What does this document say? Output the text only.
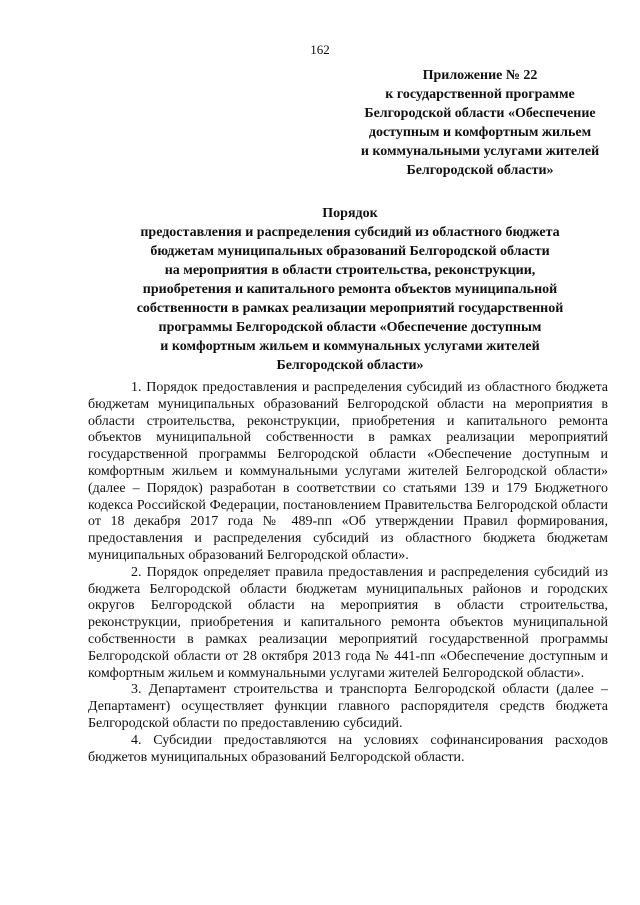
162
Приложение № 22
к государственной программе
Белгородской области «Обеспечение
доступным и комфортным жильем
и коммунальными услугами жителей
Белгородской области»
Порядок
предоставления и распределения субсидий из областного бюджета
бюджетам муниципальных образований Белгородской области
на мероприятия в области строительства, реконструкции,
приобретения и капитального ремонта объектов муниципальной
собственности в рамках реализации мероприятий государственной
программы Белгородской области «Обеспечение доступным
и комфортным жильем и коммунальных услугами жителей
Белгородской области»

1. Порядок предоставления и распределения субсидий из областного бюджета бюджетам муниципальных образований Белгородской области на мероприятия в области строительства, реконструкции, приобретения и капитального ремонта объектов муниципальной собственности в рамках реализации мероприятий государственной программы Белгородской области «Обеспечение доступным и комфортным жильем и коммунальными услугами жителей Белгородской области» (далее – Порядок) разработан в соответствии со статьями 139 и 179 Бюджетного кодекса Российской Федерации, постановлением Правительства Белгородской области от 18 декабря 2017 года № 489-пп «Об утверждении Правил формирования, предоставления и распределения субсидий из областного бюджета бюджетам муниципальных образований Белгородской области».

2. Порядок определяет правила предоставления и распределения субсидий из бюджета Белгородской области бюджетам муниципальных районов и городских округов Белгородской области на мероприятия в области строительства, реконструкции, приобретения и капитального ремонта объектов муниципальной собственности в рамках реализации мероприятий государственной программы Белгородской области от 28 октября 2013 года № 441-пп «Обеспечение доступным и комфортным жильем и коммунальными услугами жителей Белгородской области».

3. Департамент строительства и транспорта Белгородской области (далее – Департамент) осуществляет функции главного распорядителя средств бюджета Белгородской области по предоставлению субсидий.

4. Субсидии предоставляются на условиях софинансирования расходов бюджетов муниципальных образований Белгородской области.
